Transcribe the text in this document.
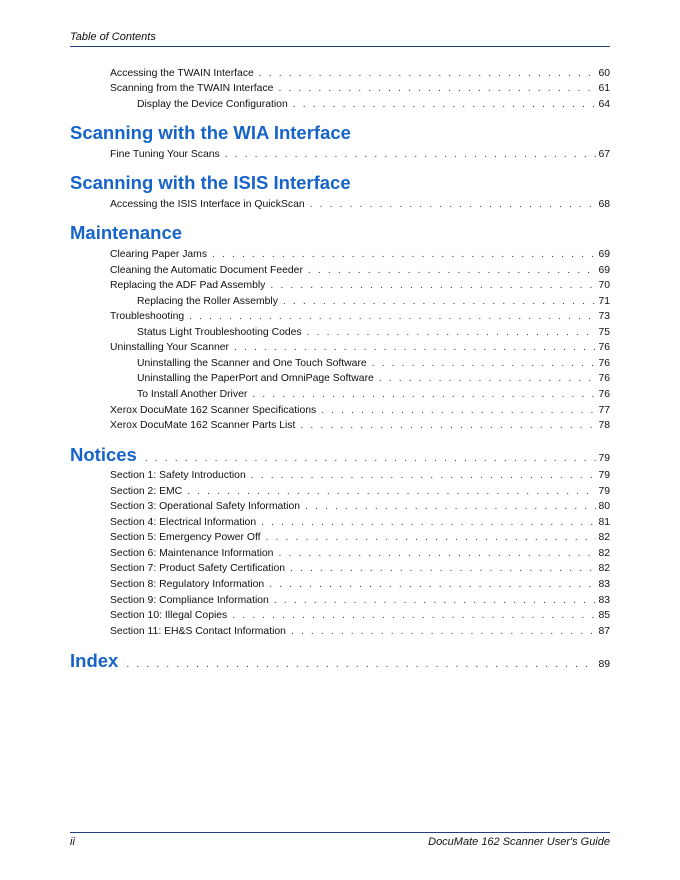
Table of Contents
Accessing the TWAIN Interface . . .	60
Scanning from the TWAIN Interface . . .	61
Display the Device Configuration . . .	64
Scanning with the WIA Interface
Fine Tuning Your Scans . . .	67
Scanning with the ISIS Interface
Accessing the ISIS Interface in QuickScan . . .	68
Maintenance
Clearing Paper Jams . . .	69
Cleaning the Automatic Document Feeder . . .	69
Replacing the ADF Pad Assembly . . .	70
Replacing the Roller Assembly . . .	71
Troubleshooting . . .	73
Status Light Troubleshooting Codes . . .	75
Uninstalling Your Scanner . . .	76
Uninstalling the Scanner and One Touch Software . . .	76
Uninstalling the PaperPort and OmniPage Software . . .	76
To Install Another Driver . . .	76
Xerox DocuMate 162 Scanner Specifications . . .	77
Xerox DocuMate 162 Scanner Parts List . . .	78
Notices . . .	79
Section 1: Safety Introduction . . .	79
Section 2: EMC . . .	79
Section 3: Operational Safety Information . . .	80
Section 4: Electrical Information . . .	81
Section 5: Emergency Power Off . . .	82
Section 6: Maintenance Information . . .	82
Section 7: Product Safety Certification . . .	82
Section 8: Regulatory Information . . .	83
Section 9: Compliance Information . . .	83
Section 10: Illegal Copies . . .	85
Section 11: EH&S Contact Information . . .	87
Index . . .	89
ii	DocuMate 162 Scanner User's Guide
